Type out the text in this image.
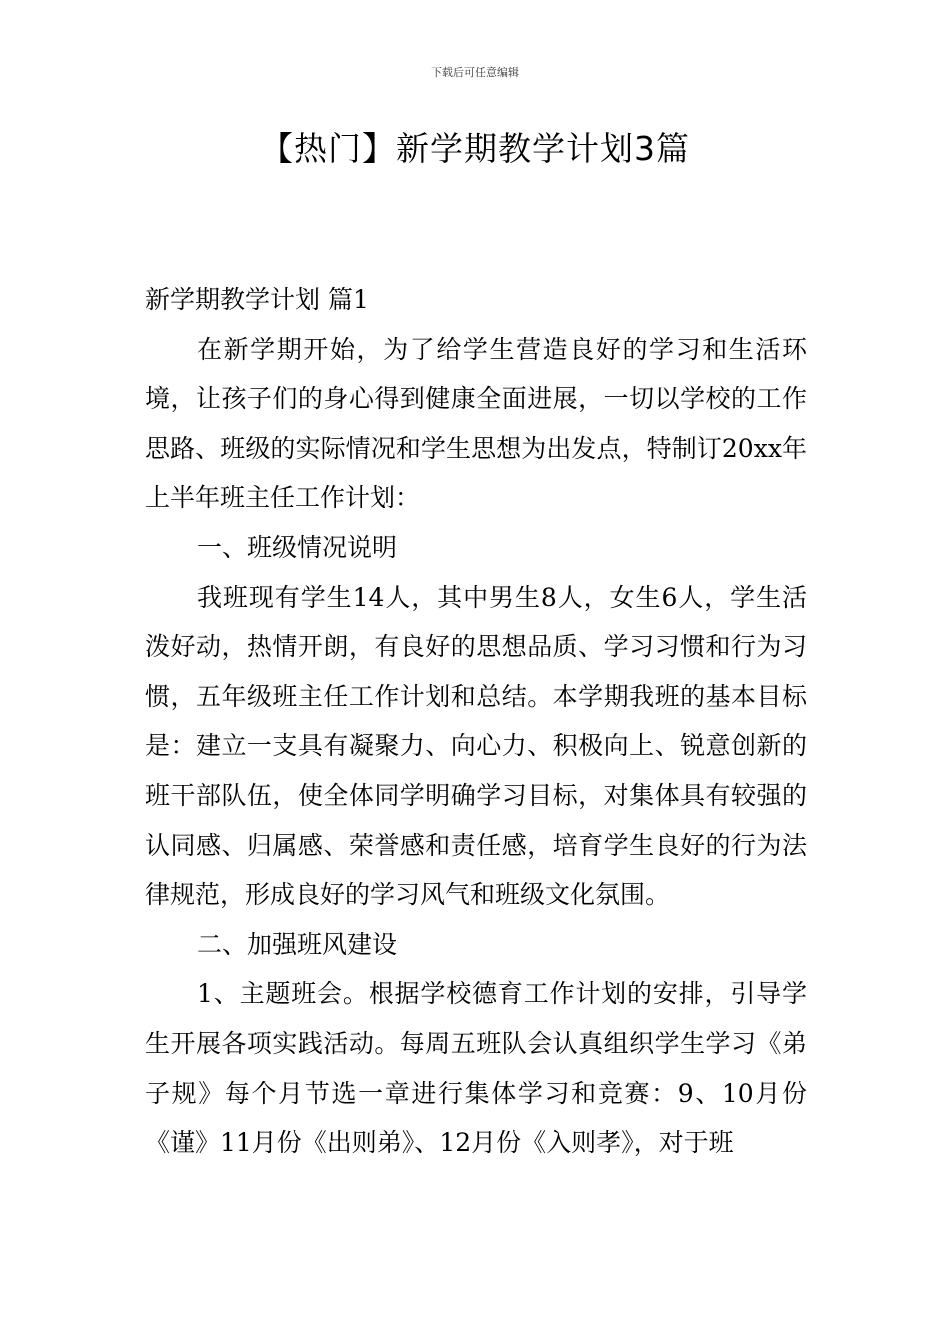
下载后可任意编辑
【热门】新学期教学计划3篇

新学期教学计划 篇1

在新学期开始，为了给学生营造良好的学习和生活环境，让孩子们的身心得到健康全面进展，一切以学校的工作思路、班级的实际情况和学生思想为出发点，特制订20xx年上半年班主任工作计划：

一、班级情况说明

我班现有学生14人，其中男生8人，女生6人，学生活泼好动，热情开朗，有良好的思想品质、学习习惯和行为习惯，五年级班主任工作计划和总结。本学期我班的基本目标是：建立一支具有凝聚力、向心力、积极向上、锐意创新的班干部队伍，使全体同学明确学习目标，对集体具有较强的认同感、归属感、荣誉感和责任感，培育学生良好的行为法律规范，形成良好的学习风气和班级文化氛围。

二、加强班风建设

1、主题班会。根据学校德育工作计划的安排，引导学生开展各项实践活动。每周五班队会认真组织学生学习《弟子规》每个月节选一章进行集体学习和竞赛：9、10月份《谨》11月份《出则弟》、12月份《入则孝》，对于班
